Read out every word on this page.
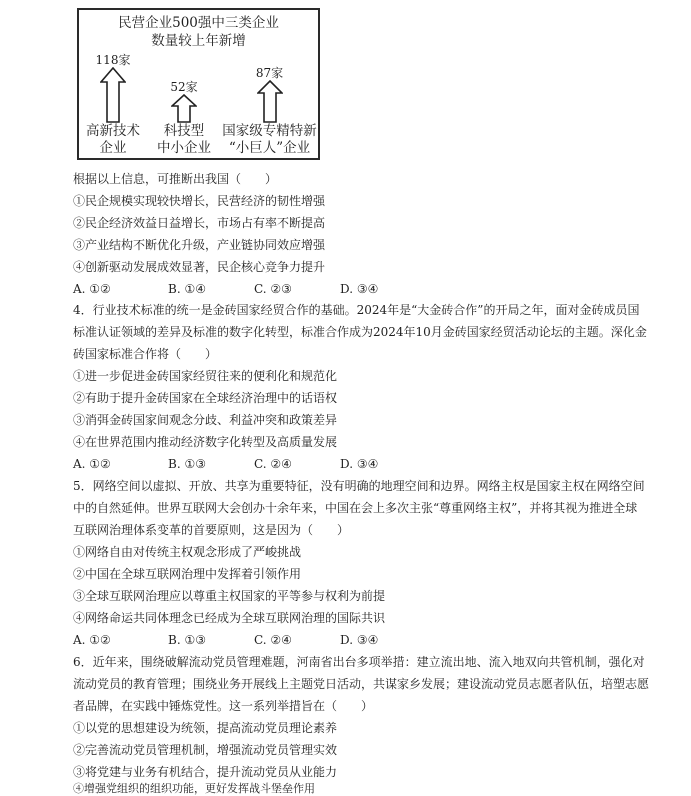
民营企业500强中三类企业
数量较上年新增
118家
高新技术
企业
52家
科技型
中小企业
87家
国家级专精特新
“小巨人”企业
根据以上信息，可推断出我国（　　）
①民企规模实现较快增长，民营经济的韧性增强
②民企经济效益日益增长，市场占有率不断提高
③产业结构不断优化升级，产业链协同效应增强
④创新驱动发展成效显著，民企核心竞争力提升
A. ①②	B. ①④	C. ②③	D. ③④
4．行业技术标准的统一是金砖国家经贸合作的基础。2024年是“大金砖合作”的开局之年，面对金砖成员国
标准认证领域的差异及标准的数字化转型，标准合作成为2024年10月金砖国家经贸活动论坛的主题。深化金
砖国家标准合作将（　　）
①进一步促进金砖国家经贸往来的便利化和规范化
②有助于提升金砖国家在全球经济治理中的话语权
③消弭金砖国家间观念分歧、利益冲突和政策差异
④在世界范围内推动经济数字化转型及高质量发展
A. ①②	B. ①③	C. ②④	D. ③④
5．网络空间以虚拟、开放、共享为重要特征，没有明确的地理空间和边界。网络主权是国家主权在网络空间
中的自然延伸。世界互联网大会创办十余年来，中国在会上多次主张“尊重网络主权”，并将其视为推进全球
互联网治理体系变革的首要原则，这是因为（　　）
①网络自由对传统主权观念形成了严峻挑战
②中国在全球互联网治理中发挥着引领作用
③全球互联网治理应以尊重主权国家的平等参与权利为前提
④网络命运共同体理念已经成为全球互联网治理的国际共识
A. ①②	B. ①③	C. ②④	D. ③④
6．近年来，围绕破解流动党员管理难题，河南省出台多项举措：建立流出地、流入地双向共管机制，强化对
流动党员的教育管理；围绕业务开展线上主题党日活动，共谋家乡发展；建设流动党员志愿者队伍，培塑志愿
者品牌，在实践中锤炼党性。这一系列举措旨在（　　）
①以党的思想建设为统领，提高流动党员理论素养
②完善流动党员管理机制，增强流动党员管理实效
③将党建与业务有机结合，提升流动党员从业能力
④增强党组织的组织功能，更好发挥战斗堡垒作用
